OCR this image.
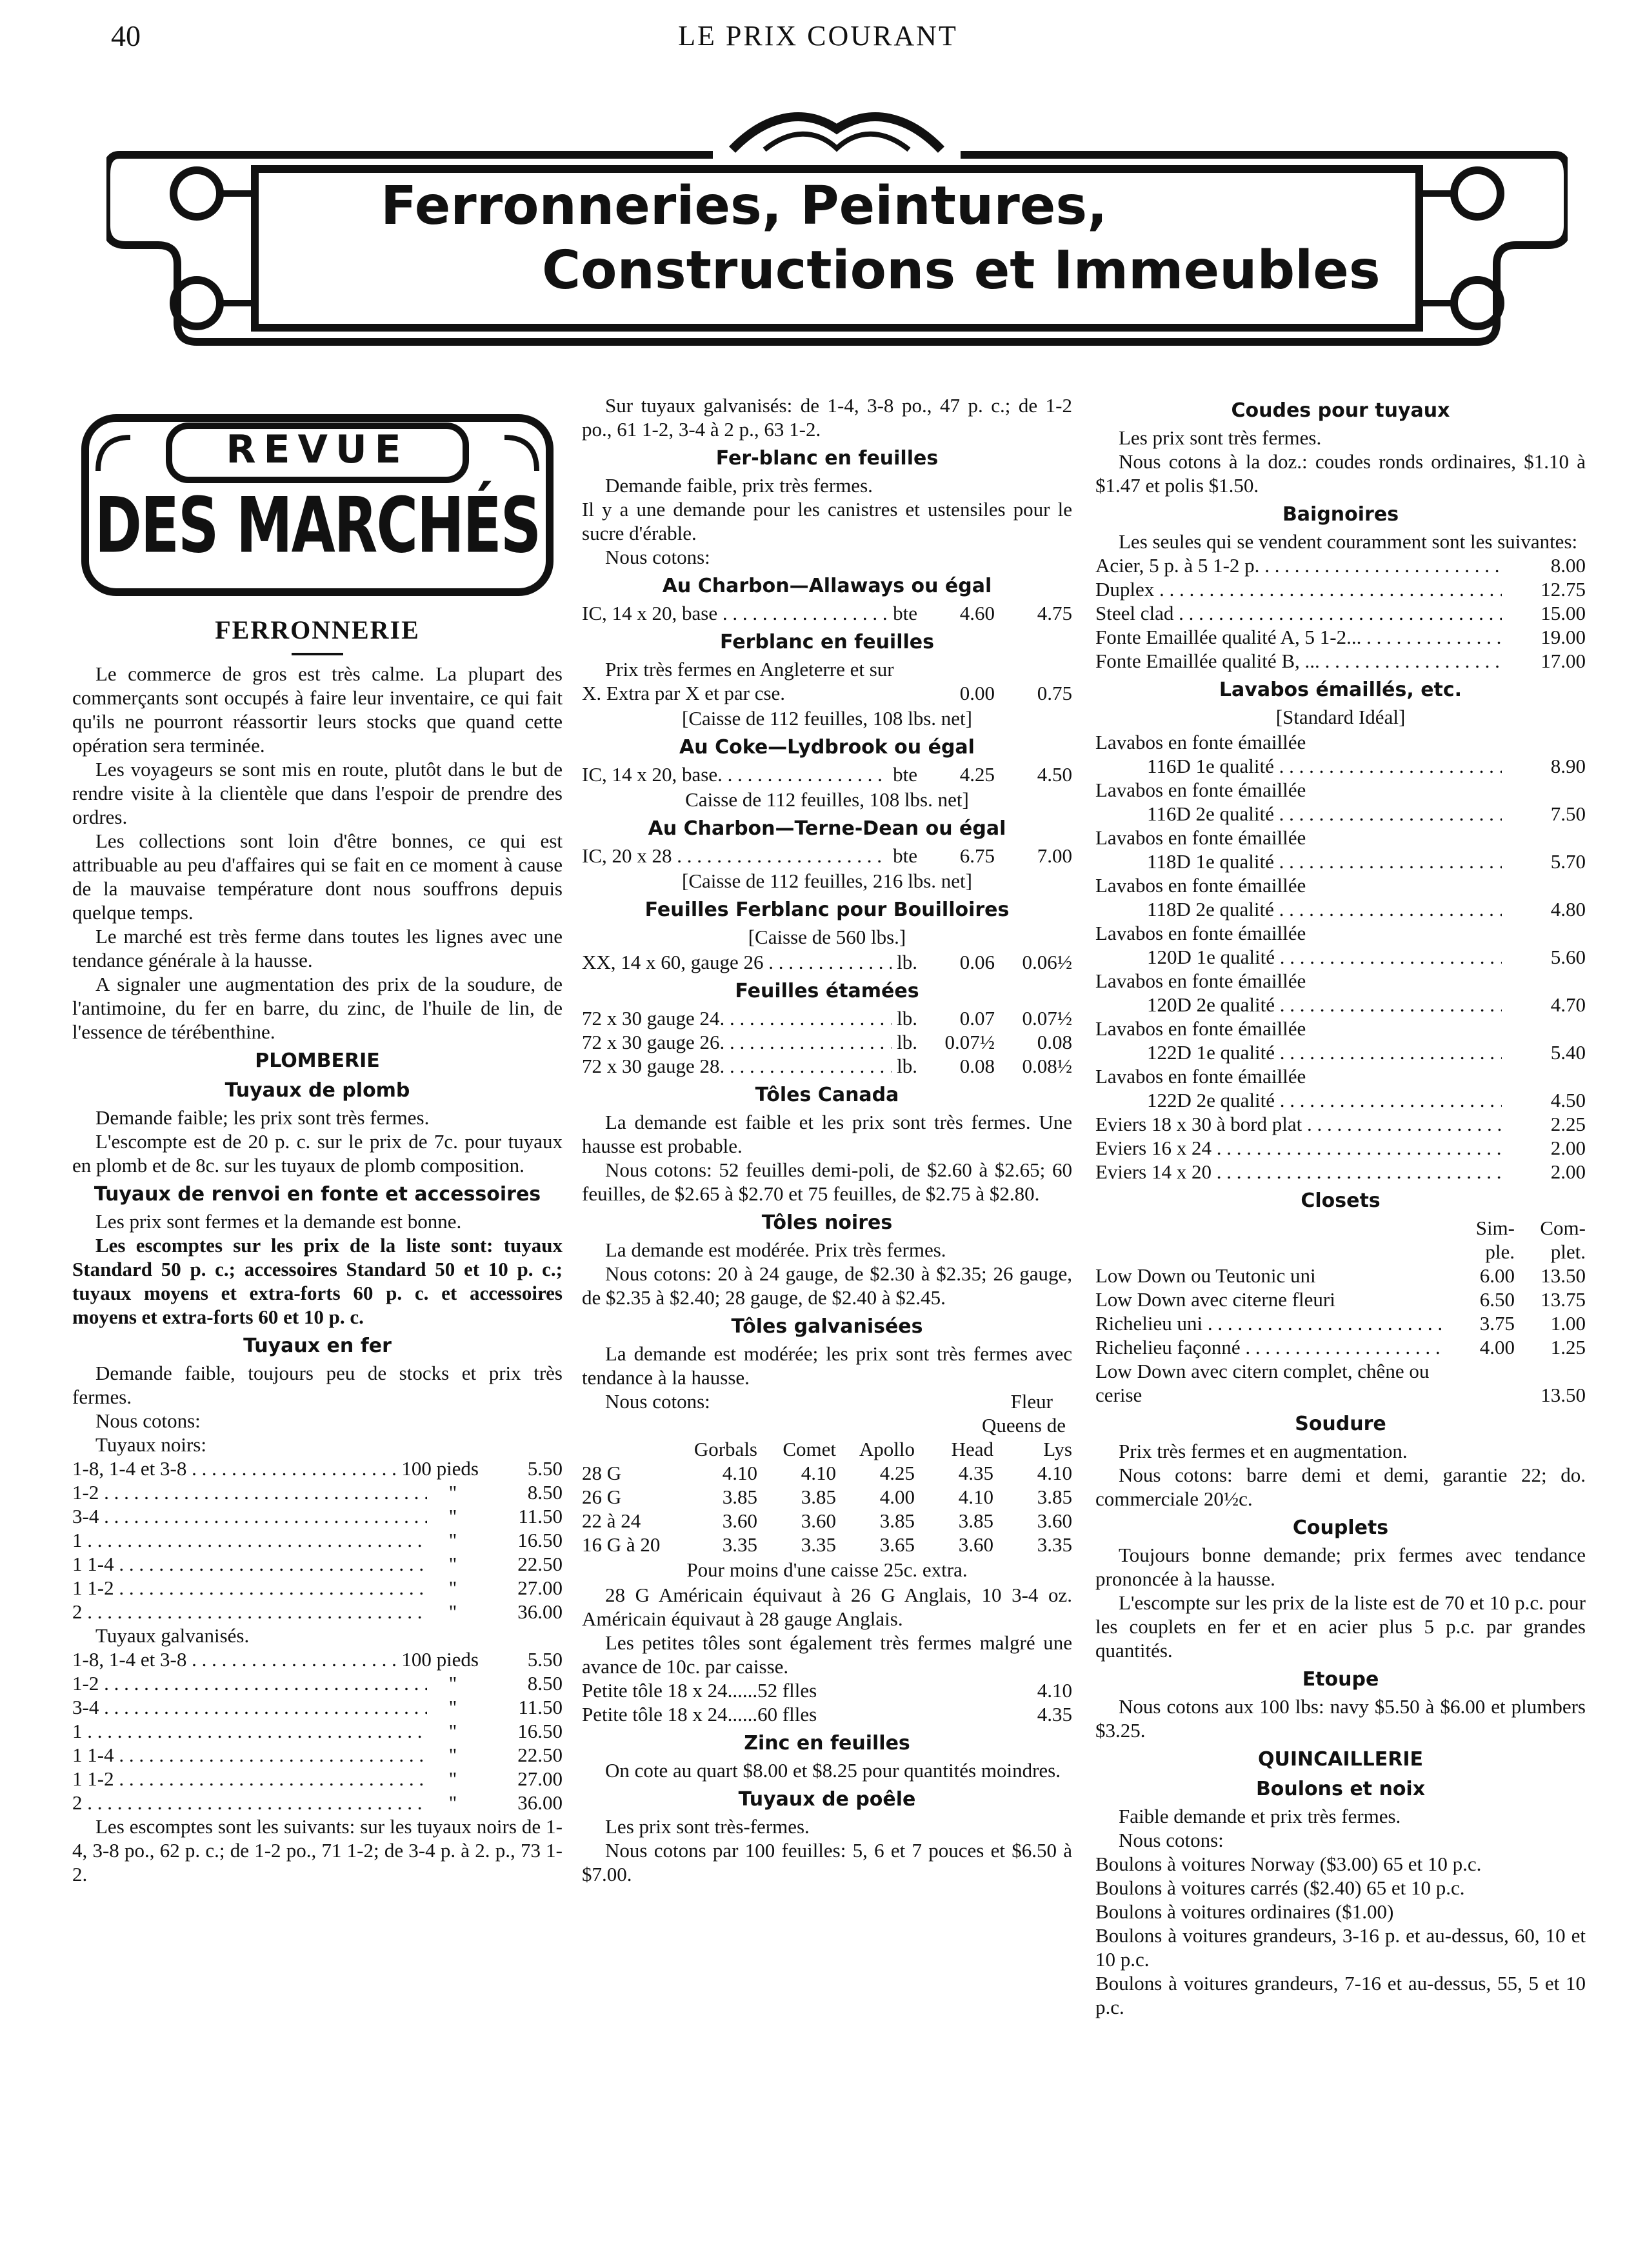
40	LE PRIX COURANT
Ferronneries, Peintures,
Constructions et Immeubles
REVUE
DES MARCHÉS
FERRONNERIE

Le commerce de gros est très calme. La plupart des commerçants sont occupés à faire leur inventaire, ce qui fait qu'ils ne pourront réassortir leurs stocks que quand cette opération sera terminée.

Les voyageurs se sont mis en route, plutôt dans le but de rendre visite à la clientèle que dans l'espoir de prendre des ordres.

Les collections sont loin d'être bonnes, ce qui est attribuable au peu d'affaires qui se fait en ce moment à cause de la mauvaise température dont nous souffrons depuis quelque temps.

Le marché est très ferme dans toutes les lignes avec une tendance générale à la hausse.

A signaler une augmentation des prix de la soudure, de l'antimoine, du fer en barre, du zinc, de l'huile de lin, de l'essence de térébenthine.

PLOMBERIE
Tuyaux de plomb

Demande faible; les prix sont très fermes.

L'escompte est de 20 p. c. sur le prix de 7c. pour tuyaux en plomb et de 8c. sur les tuyaux de plomb composition.

Tuyaux de renvoi en fonte et accessoires

Les prix sont fermes et la demande est bonne.

Les escomptes sur les prix de la liste sont: tuyaux Standard 50 p. c.; accessoires Standard 50 et 10 p. c.; tuyaux moyens et extra-forts 60 p. c. et accessoires moyens et extra-forts 60 et 10 p. c.

Tuyaux en fer

Demande faible, toujours peu de stocks et prix très fermes.

Nous cotons:
Tuyaux noirs:
1-8, 1-4 et 3-8 . . .	100 pieds	5.50
1-2 . . .	"	8.50
3-4 . . .	"	11.50
1 . . .	"	16.50
1 1-4 . . .	"	22.50
1 1-2 . . .	"	27.00
2 . . .	"	36.00
Tuyaux galvanisés.
1-8, 1-4 et 3-8 . . .	100 pieds	5.50
1-2 . . .	"	8.50
3-4 . . .	"	11.50
1 . . .	"	16.50
1 1-4 . . .	"	22.50
1 1-2 . . .	"	27.00
2 . . .	"	36.00

Les escomptes sont les suivants: sur les tuyaux noirs de 1-4, 3-8 po., 62 p. c.; de 1-2 po., 71 1-2; de 3-4 p. à 2. p., 73 1-2.

Sur tuyaux galvanisés: de 1-4, 3-8 po., 47 p. c.; de 1-2 po., 61 1-2, 3-4 à 2 p., 63 1-2.

Fer-blanc en feuilles

Demande faible, prix très fermes.

Il y a une demande pour les canistres et ustensiles pour le sucre d'érable.

Nous cotons:
Au Charbon—Allaways ou égal
IC, 14 x 20, base . . .	bte	4.60	4.75
Ferblanc en feuilles
Prix très fermes en Angleterre et sur X. Extra par X et par cse.	0.00	0.75
[Caisse de 112 feuilles, 108 lbs. net]
Au Coke—Lydbrook ou égal
IC, 14 x 20, base. . . .	bte	4.25	4.50
Caisse de 112 feuilles, 108 lbs. net]
Au Charbon—Terne-Dean ou égal
IC, 20 x 28 . . .	bte	6.75	7.00
[Caisse de 112 feuilles, 216 lbs. net]
Feuilles Ferblanc pour Bouilloires
[Caisse de 560 lbs.]
XX, 14 x 60, gauge 26 . . .	lb.	0.06	0.06½
Feuilles étamées
72 x 30 gauge 24. . . .	lb.	0.07	0.07½
72 x 30 gauge 26. . . .	lb.	0.07½	0.08
72 x 30 gauge 28. . . .	lb.	0.08	0.08½
Tôles Canada

La demande est faible et les prix sont très fermes. Une hausse est probable.

Nous cotons: 52 feuilles demi-poli, de $2.60 à $2.65; 60 feuilles, de $2.65 à $2.70 et 75 feuilles, de $2.75 à $2.80.

Tôles noires

La demande est modérée. Prix très fermes.

Nous cotons: 20 à 24 gauge, de $2.30 à $2.35; 26 gauge, de $2.35 à $2.40; 28 gauge, de $2.40 à $2.45.

Tôles galvanisées

La demande est modérée; les prix sont très fermes avec tendance à la hausse.

Nous cotons:	Fleur
Queens de
Gorbals	Comet	Apollo	Head	Lys
28 G	4.10	4.10	4.25	4.35	4.10
26 G	3.85	3.85	4.00	4.10	3.85
22 à 24	3.60	3.60	3.85	3.85	3.60
16 G à 20	3.35	3.35	3.65	3.60	3.35
Pour moins d'une caisse 25c. extra.

28 G Américain équivaut à 26 G Anglais, 10 3-4 oz. Américain équivaut à 28 gauge Anglais.

Les petites tôles sont également très fermes malgré une avance de 10c. par caisse.

Petite tôle 18 x 24......52 flles	4.10
Petite tôle 18 x 24......60 flles	4.35
Zinc en feuilles

On cote au quart $8.00 et $8.25 pour quantités moindres.

Tuyaux de poêle

Les prix sont très-fermes.

Nous cotons par 100 feuilles: 5, 6 et 7 pouces et $6.50 à $7.00.

Coudes pour tuyaux

Les prix sont très fermes.

Nous cotons à la doz.: coudes ronds ordinaires, $1.10 à $1.47 et polis $1.50.

Baignoires

Les seules qui se vendent couramment sont les suivantes:

Acier, 5 p. à 5 1-2 p. . . .	8.00
Duplex . . .	12.75
Steel clad . . .	15.00
Fonte Emaillée qualité A, 5 1-2... . . .	19.00
Fonte Emaillée qualité B, ... . . .	17.00
Lavabos émaillés, etc.
[Standard Idéal]
Lavabos en fonte émaillée
116D 1e qualité . . .	8.90
Lavabos en fonte émaillée
116D 2e qualité . . .	7.50
Lavabos en fonte émaillée
118D 1e qualité . . .	5.70
Lavabos en fonte émaillée
118D 2e qualité . . .	4.80
Lavabos en fonte émaillée
120D 1e qualité . . .	5.60
Lavabos en fonte émaillée
120D 2e qualité . . .	4.70
Lavabos en fonte émaillée
122D 1e qualité . . .	5.40
Lavabos en fonte émaillée
122D 2e qualité . . .	4.50
Eviers 18 x 30 à bord plat . . .	2.25
Eviers 16 x 24 . . .	2.00
Eviers 14 x 20 . . .	2.00
Closets
Sim-	Com-
ple.	plet.
Low Down ou Teutonic uni	6.00	13.50
Low Down avec citerne fleuri	6.50	13.75
Richelieu uni . . .	3.75	1.00
Richelieu façonné . . .	4.00	1.25
Low Down avec citern complet, chêne ou cerise	13.50
Soudure

Prix très fermes et en augmentation.

Nous cotons: barre demi et demi, garantie 22; do. commerciale 20½c.

Couplets

Toujours bonne demande; prix fermes avec tendance prononcée à la hausse.

L'escompte sur les prix de la liste est de 70 et 10 p.c. pour les couplets en fer et en acier plus 5 p.c. par grandes quantités.

Etoupe

Nous cotons aux 100 lbs: navy $5.50 à $6.00 et plumbers $3.25.

QUINCAILLERIE
Boulons et noix

Faible demande et prix très fermes.

Nous cotons:

Boulons à voitures Norway ($3.00) 65 et 10 p.c.

Boulons à voitures carrés ($2.40) 65 et 10 p.c.

Boulons à voitures ordinaires ($1.00)

Boulons à voitures grandeurs, 3-16 p. et au-dessus, 60, 10 et 10 p.c.

Boulons à voitures grandeurs, 7-16 et au-dessus, 55, 5 et 10 p.c.
